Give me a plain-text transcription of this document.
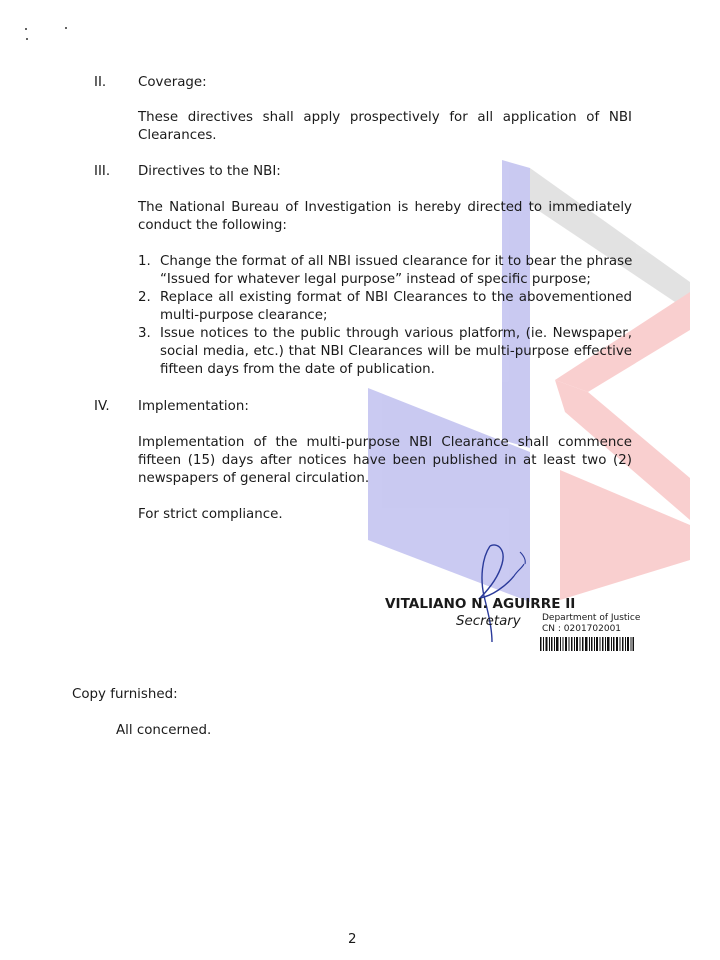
II. Coverage:
These directives shall apply prospectively for all application of NBI
Clearances.
III. Directives to the NBI:
The National Bureau of Investigation is hereby directed to immediately
conduct the following:
1. Change the format of all NBI issued clearance for it to bear the phrase
“Issued for whatever legal purpose” instead of specific purpose;
2. Replace all existing format of NBI Clearances to the abovementioned
multi-purpose clearance;
3. Issue notices to the public through various platform, (ie. Newspaper,
social media, etc.) that NBI Clearances will be multi-purpose effective
fifteen days from the date of publication.
IV. Implementation:
Implementation of the multi-purpose NBI Clearance shall commence
fifteen (15) days after notices have been published in at least two (2)
newspapers of general circulation.
For strict compliance.
VITALIANO N. AGUIRRE II
Secretary Department of Justice
CN : 0201702001
Copy furnished:
All concerned.
2
